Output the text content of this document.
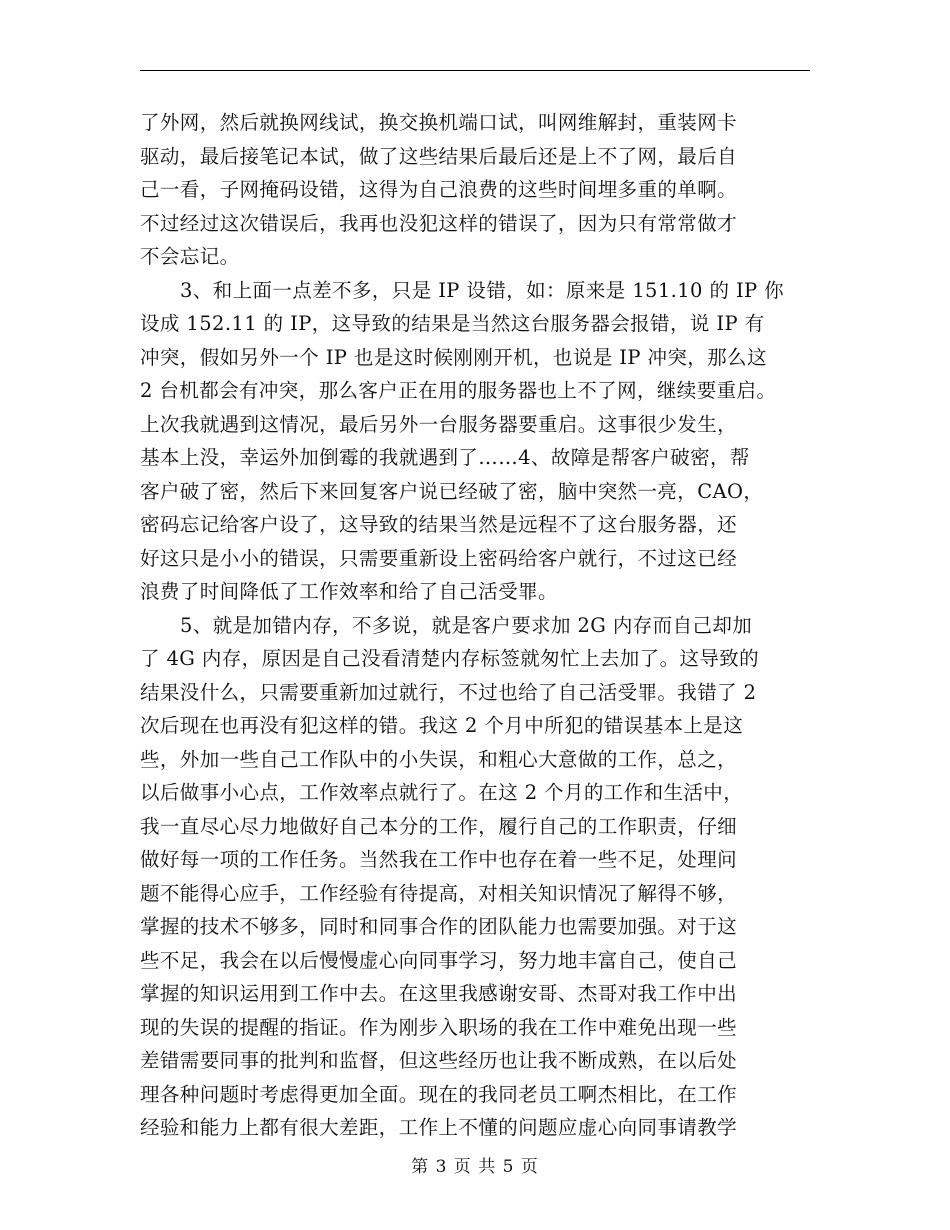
了外网，然后就换网线试，换交换机端口试，叫网维解封，重装网卡
驱动，最后接笔记本试，做了这些结果后最后还是上不了网，最后自
己一看，子网掩码设错，这得为自己浪费的这些时间埋多重的单啊。
不过经过这次错误后，我再也没犯这样的错误了，因为只有常常做才
不会忘记。
3、和上面一点差不多，只是 IP 设错，如：原来是 151.10 的 IP 你
设成 152.11 的 IP，这导致的结果是当然这台服务器会报错，说 IP 有
冲突，假如另外一个 IP 也是这时候刚刚开机，也说是 IP 冲突，那么这
2 台机都会有冲突，那么客户正在用的服务器也上不了网，继续要重启。
上次我就遇到这情况，最后另外一台服务器要重启。这事很少发生，
基本上没，幸运外加倒霉的我就遇到了……4、故障是帮客户破密，帮
客户破了密，然后下来回复客户说已经破了密，脑中突然一亮，CAO，
密码忘记给客户设了，这导致的结果当然是远程不了这台服务器，还
好这只是小小的错误，只需要重新设上密码给客户就行，不过这已经
浪费了时间降低了工作效率和给了自己活受罪。
5、就是加错内存，不多说，就是客户要求加 2G 内存而自己却加
了 4G 内存，原因是自己没看清楚内存标签就匆忙上去加了。这导致的
结果没什么，只需要重新加过就行，不过也给了自己活受罪。我错了 2
次后现在也再没有犯这样的错。我这 2 个月中所犯的错误基本上是这
些，外加一些自己工作队中的小失误，和粗心大意做的工作，总之，
以后做事小心点，工作效率点就行了。在这 2 个月的工作和生活中，
我一直尽心尽力地做好自己本分的工作，履行自己的工作职责，仔细
做好每一项的工作任务。当然我在工作中也存在着一些不足，处理问
题不能得心应手，工作经验有待提高，对相关知识情况了解得不够，
掌握的技术不够多，同时和同事合作的团队能力也需要加强。对于这
些不足，我会在以后慢慢虚心向同事学习，努力地丰富自己，使自己
掌握的知识运用到工作中去。在这里我感谢安哥、杰哥对我工作中出
现的失误的提醒的指证。作为刚步入职场的我在工作中难免出现一些
差错需要同事的批判和监督，但这些经历也让我不断成熟，在以后处
理各种问题时考虑得更加全面。现在的我同老员工啊杰相比，在工作
经验和能力上都有很大差距，工作上不懂的问题应虚心向同事请教学
第 3 页 共 5 页
